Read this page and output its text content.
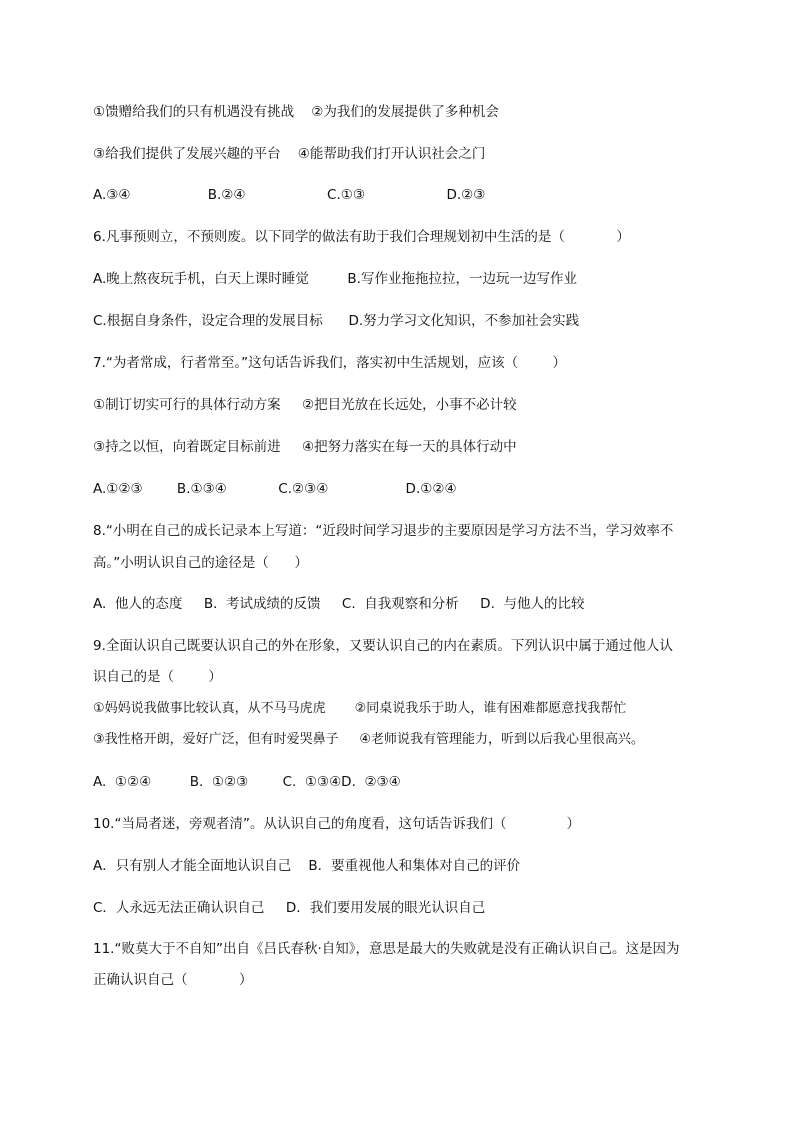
①馈赠给我们的只有机遇没有挑战    ②为我们的发展提供了多种机会
③给我们提供了发展兴趣的平台    ④能帮助我们打开认识社会之门
A.③④                  B.②④                   C.①③                   D.②③
6.凡事预则立，不预则废。以下同学的做法有助于我们合理规划初中生活的是（            ）
A.晚上熬夜玩手机，白天上课时睡觉         B.写作业拖拖拉拉，一边玩一边写作业
C.根据自身条件，设定合理的发展目标      D.努力学习文化知识，不参加社会实践
7.“为者常成，行者常至。”这句话告诉我们，落实初中生活规划，应该（        ）
①制订切实可行的具体行动方案     ②把目光放在长远处，小事不必计较
③持之以恒，向着既定目标前进     ④把努力落实在每一天的具体行动中
A.①②③        B.①③④            C.②③④                  D.①②④
8.“小明在自己的成长记录本上写道：“近段时间学习退步的主要原因是学习方法不当，学习效率不
高。”小明认识自己的途径是（      ）
A.  他人的态度     B.  考试成绩的反馈     C.  自我观察和分析     D.  与他人的比较
9.全面认识自己既要认识自己的外在形象，又要认识自己的内在素质。下列认识中属于通过他人认
识自己的是（        ）
①妈妈说我做事比较认真，从不马马虎虎       ②同桌说我乐于助人，谁有困难都愿意找我帮忙
③我性格开朗，爱好广泛，但有时爱哭鼻子     ④老师说我有管理能力，听到以后我心里很高兴。
A.  ①②④         B.  ①②③        C.  ①③④D.  ②③④
10.“当局者迷，旁观者清”。从认识自己的角度看，这句话告诉我们（              ）
A．只有别人才能全面地认识自己    B．要重视他人和集体对自己的评价
C．人永远无法正确认识自己     D．我们要用发展的眼光认识自己
11.“败莫大于不自知”出自《吕氏春秋·自知》，意思是最大的失败就是没有正确认识自己。这是因为
正确认识自己（            ）
